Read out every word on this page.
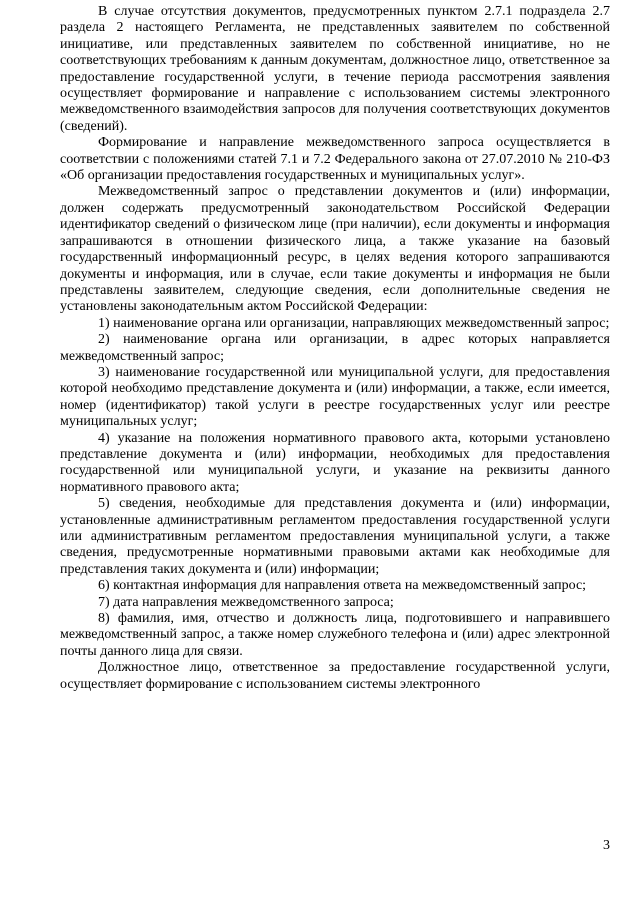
В случае отсутствия документов, предусмотренных пунктом 2.7.1 подраздела 2.7 раздела 2 настоящего Регламента, не представленных заявителем по собственной инициативе, или представленных заявителем по собственной инициативе, но не соответствующих требованиям к данным документам, должностное лицо, ответственное за предоставление государственной услуги, в течение периода рассмотрения заявления осуществляет формирование и направление с использованием системы электронного межведомственного взаимодействия запросов для получения соответствующих документов (сведений).

Формирование и направление межведомственного запроса осуществляется в соответствии с положениями статей 7.1 и 7.2 Федерального закона от 27.07.2010 № 210-ФЗ «Об организации предоставления государственных и муниципальных услуг».

Межведомственный запрос о представлении документов и (или) информации, должен содержать предусмотренный законодательством Российской Федерации идентификатор сведений о физическом лице (при наличии), если документы и информация запрашиваются в отношении физического лица, а также указание на базовый государственный информационный ресурс, в целях ведения которого запрашиваются документы и информация, или в случае, если такие документы и информация не были представлены заявителем, следующие сведения, если дополнительные сведения не установлены законодательным актом Российской Федерации:

1) наименование органа или организации, направляющих межведомственный запрос;

2) наименование органа или организации, в адрес которых направляется межведомственный запрос;

3) наименование государственной или муниципальной услуги, для предоставления которой необходимо представление документа и (или) информации, а также, если имеется, номер (идентификатор) такой услуги в реестре государственных услуг или реестре муниципальных услуг;

4) указание на положения нормативного правового акта, которыми установлено представление документа и (или) информации, необходимых для предоставления государственной или муниципальной услуги, и указание на реквизиты данного нормативного правового акта;

5) сведения, необходимые для представления документа и (или) информации, установленные административным регламентом предоставления государственной услуги или административным регламентом предоставления муниципальной услуги, а также сведения, предусмотренные нормативными правовыми актами как необходимые для представления таких документа и (или) информации;

6) контактная информация для направления ответа на межведомственный запрос;

7) дата направления межведомственного запроса;

8) фамилия, имя, отчество и должность лица, подготовившего и направившего межведомственный запрос, а также номер служебного телефона и (или) адрес электронной почты данного лица для связи.

Должностное лицо, ответственное за предоставление государственной услуги, осуществляет формирование с использованием системы электронного

3
